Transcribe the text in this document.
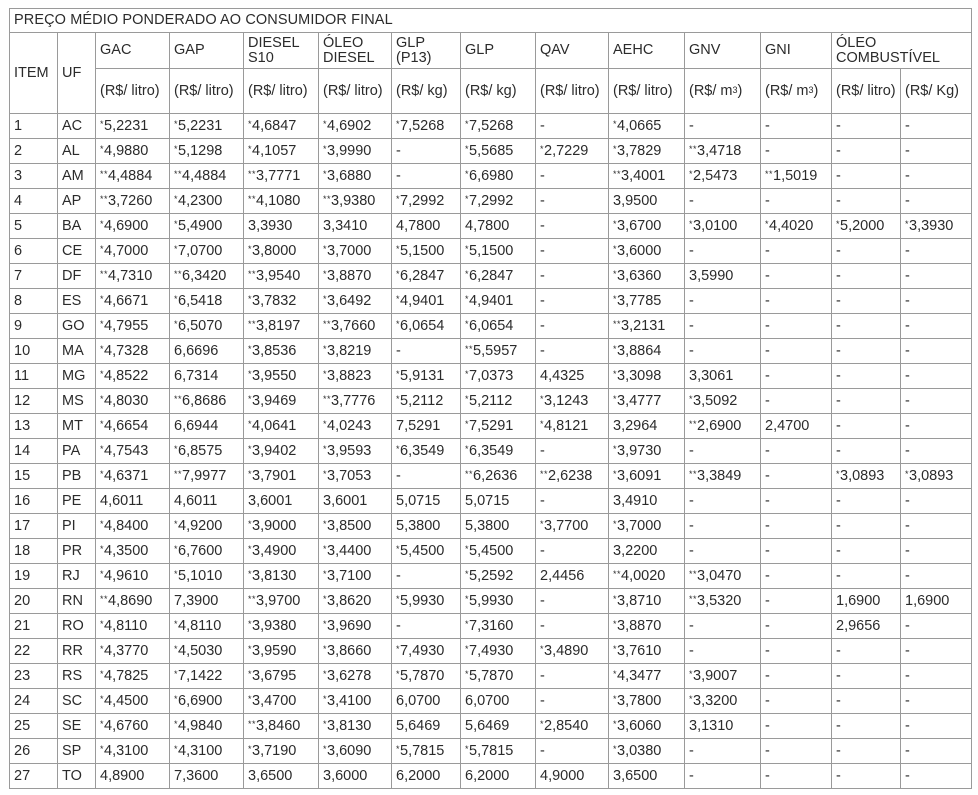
PREÇO MÉDIO PONDERADO AO CONSUMIDOR FINAL													
ITEM	UF	GAC	GAP	DIESEL S10	ÓLEO DIESEL	GLP (P13)	GLP	QAV	AEHC	GNV	GNI	ÓLEO COMBUSTÍVEL	
		(R$/ litro)	(R$/ litro)	(R$/ litro)	(R$/ litro)	(R$/ kg)	(R$/ kg)	(R$/ litro)	(R$/ litro)	(R$/ $m^3$)	(R$/ $m^3$)	(R$/ litro)	(R$/ Kg)
1	AC	*5,2231	*5,2231	*4,6847	*4,6902	*7,5268	*7,5268	-	*4,0665	-	-	-	-
2	AL	*4,9880	*5,1298	*4,1057	*3,9990	-	*5,5685	*2,7229	*3,7829	**3,4718	-	-	-
3	AM	**4,4884	**4,4884	**3,7771	*3,6880	-	*6,6980	-	**3,4001	*2,5473	**1,5019	-	-
4	AP	**3,7260	*4,2300	**4,1080	**3,9380	*7,2992	*7,2992	-	3,9500	-	-	-	-
5	BA	*4,6900	*5,4900	3,3930	3,3410	4,7800	4,7800	-	*3,6700	*3,0100	*4,4020	*5,2000	*3,3930
6	CE	*4,7000	*7,0700	*3,8000	*3,7000	*5,1500	*5,1500	-	*3,6000	-	-	-	-
7	DF	**4,7310	**6,3420	**3,9540	*3,8870	*6,2847	*6,2847	-	*3,6360	3,5990	-	-	-
8	ES	*4,6671	*6,5418	*3,7832	*3,6492	*4,9401	*4,9401	-	*3,7785	-	-	-	-
9	GO	*4,7955	*6,5070	**3,8197	**3,7660	*6,0654	*6,0654	-	**3,2131	-	-	-	-
10	MA	*4,7328	6,6696	*3,8536	*3,8219	-	**5,5957	-	*3,8864	-	-	-	-
11	MG	*4,8522	6,7314	*3,9550	*3,8823	*5,9131	*7,0373	4,4325	*3,3098	3,3061	-	-	-
12	MS	*4,8030	**6,8686	*3,9469	**3,7776	*5,2112	*5,2112	*3,1243	*3,4777	*3,5092	-	-	-
13	MT	*4,6654	6,6944	*4,0641	*4,0243	7,5291	*7,5291	*4,8121	3,2964	**2,6900	2,4700	-	-
14	PA	*4,7543	*6,8575	*3,9402	*3,9593	*6,3549	*6,3549	-	*3,9730	-	-	-	-
15	PB	*4,6371	**7,9977	*3,7901	*3,7053	-	**6,2636	**2,6238	*3,6091	**3,3849	-	*3,0893	*3,0893
16	PE	4,6011	4,6011	3,6001	3,6001	5,0715	5,0715	-	3,4910	-	-	-	-
17	PI	*4,8400	*4,9200	*3,9000	*3,8500	5,3800	5,3800	*3,7700	*3,7000	-	-	-	-
18	PR	*4,3500	*6,7600	*3,4900	*3,4400	*5,4500	*5,4500	-	3,2200	-	-	-	-
19	RJ	*4,9610	*5,1010	*3,8130	*3,7100	-	*5,2592	2,4456	**4,0020	**3,0470	-	-	-
20	RN	**4,8690	7,3900	**3,9700	*3,8620	*5,9930	*5,9930	-	*3,8710	**3,5320	-	1,6900	1,6900
21	RO	*4,8110	*4,8110	*3,9380	*3,9690	-	*7,3160	-	*3,8870	-	-	2,9656	-
22	RR	*4,3770	*4,5030	*3,9590	*3,8660	*7,4930	*7,4930	*3,4890	*3,7610	-	-	-	-
23	RS	*4,7825	*7,1422	*3,6795	*3,6278	*5,7870	*5,7870	-	*4,3477	*3,9007	-	-	-
24	SC	*4,4500	*6,6900	*3,4700	*3,4100	6,0700	6,0700	-	*3,7800	*3,3200	-	-	-
25	SE	*4,6760	*4,9840	**3,8460	*3,8130	5,6469	5,6469	*2,8540	*3,6060	3,1310	-	-	-
26	SP	*4,3100	*4,3100	*3,7190	*3,6090	*5,7815	*5,7815	-	*3,0380	-	-	-	-
27	TO	4,8900	7,3600	3,6500	3,6000	6,2000	6,2000	4,9000	3,6500	-	-	-	-
